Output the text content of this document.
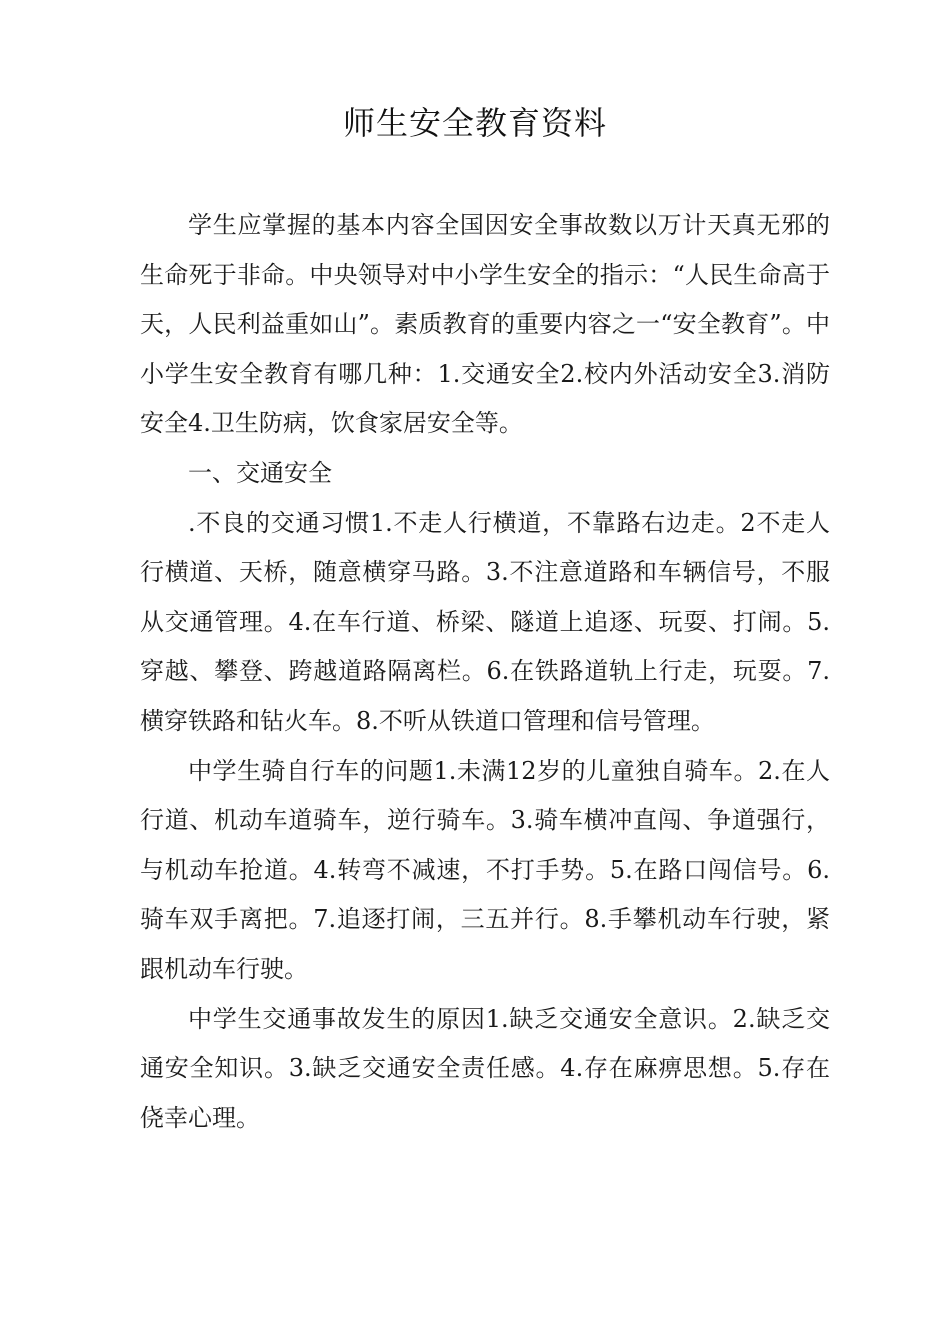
师生安全教育资料

学生应掌握的基本内容全国因安全事故数以万计天真无邪的生命死于非命。中央领导对中小学生安全的指示：“人民生命高于天，人民利益重如山”。素质教育的重要内容之一“安全教育”。中小学生安全教育有哪几种：1.交通安全2.校内外活动安全3.消防安全4.卫生防病，饮食家居安全等。

一、交通安全

.不良的交通习惯1.不走人行横道，不靠路右边走。2不走人行横道、天桥，随意横穿马路。3.不注意道路和车辆信号，不服从交通管理。4.在车行道、桥梁、隧道上追逐、玩耍、打闹。5.穿越、攀登、跨越道路隔离栏。6.在铁路道轨上行走，玩耍。7.横穿铁路和钻火车。8.不听从铁道口管理和信号管理。

中学生骑自行车的问题1.未满12岁的儿童独自骑车。2.在人行道、机动车道骑车，逆行骑车。3.骑车横冲直闯、争道强行，与机动车抢道。4.转弯不减速，不打手势。5.在路口闯信号。6.骑车双手离把。7.追逐打闹，三五并行。8.手攀机动车行驶，紧跟机动车行驶。

中学生交通事故发生的原因1.缺乏交通安全意识。2.缺乏交通安全知识。3.缺乏交通安全责任感。4.存在麻痹思想。5.存在侥幸心理。
